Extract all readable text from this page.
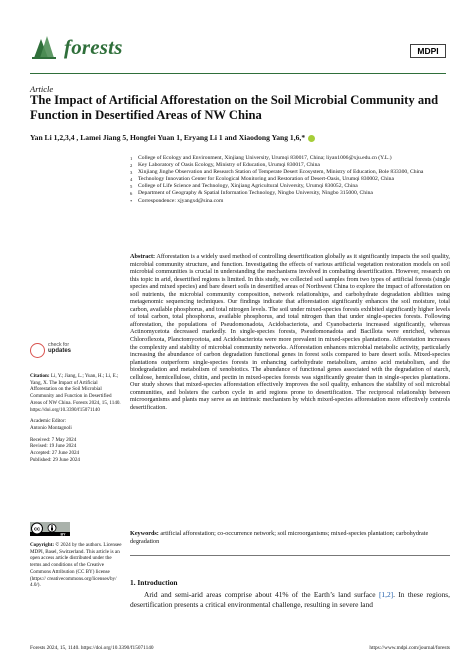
forests	MDPI
Article
The Impact of Artificial Afforestation on the Soil Microbial Community and Function in Desertified Areas of NW China
Yan Li 1,2,3,4 , Lamei Jiang 5, Hongfei Yuan 1, Eryang Li 1 and Xiaodong Yang 1,6,*
1	College of Ecology and Environment, Xinjiang University, Urumqi 830017, China; liyan1006@xju.edu.cn (Y.L.)
2	Key Laboratory of Oasis Ecology, Ministry of Education, Urumqi 830017, China
3	Xinjiang Jinghe Observation and Research Station of Temperate Desert Ecosystem, Ministry of Education, Bole 833300, China
4	Technology Innovation Center for Ecological Monitoring and Restoration of Desert-Oasis, Urumqi 830002, China
5	College of Life Science and Technology, Xinjiang Agricultural University, Urumqi 830052, China
6	Department of Geography & Spatial Information Technology, Ningbo University, Ningbo 315000, China
*	Correspondence: xjyangxd@sina.com
Abstract: Afforestation is a widely used method of controlling desertification globally as it significantly impacts the soil quality, microbial community structure, and function. Investigating the effects of various artificial vegetation restoration models on soil microbial communities is crucial in understanding the mechanisms involved in combating desertification. However, research on this topic in arid, desertified regions is limited. In this study, we collected soil samples from two types of artificial forests (single species and mixed species) and bare desert soils in desertified areas of Northwest China to explore the impact of afforestation on soil nutrients, the microbial community composition, network relationships, and carbohydrate degradation abilities using metagenomic sequencing techniques. Our findings indicate that afforestation significantly enhances the soil moisture, total carbon, available phosphorus, and total nitrogen levels. The soil under mixed-species forests exhibited significantly higher levels of total carbon, total phosphorus, available phosphorus, and total nitrogen than that under single-species forests. Following afforestation, the populations of Pseudomonadota, Acidobacteriota, and Cyanobacteria increased significantly, whereas Actinomycetota decreased markedly. In single-species forests, Pseudomonadota and Bacillota were enriched, whereas Chloroflexota, Planctomycetota, and Acidobacteriota were more prevalent in mixed-species plantations. Afforestation increases the complexity and stability of microbial community networks. Afforestation enhances microbial metabolic activity, particularly increasing the abundance of carbon degradation functional genes in forest soils compared to bare desert soils. Mixed-species plantations outperform single-species forests in enhancing carbohydrate metabolism, amino acid metabolism, and the biodegradation and metabolism of xenobiotics. The abundance of functional genes associated with the degradation of starch, cellulose, hemicellulose, chitin, and pectin in mixed-species forests was significantly greater than in single-species plantations. Our study shows that mixed-species afforestation effectively improves the soil quality, enhances the stability of soil microbial communities, and bolsters the carbon cycle in arid regions prone to desertification. The reciprocal relationship between microorganisms and plants may serve as an intrinsic mechanism by which mixed-species afforestation more effectively controls desertification.
Keywords: artificial afforestation; co-occurrence network; soil microorganisms; mixed-species plantation; carbohydrate degradation
check for
updates

Citation: Li, Y.; Jiang, L.; Yuan, H.; Li, E.; Yang, X. The Impact of Artificial Afforestation on the Soil Microbial Community and Function in Desertified Areas of NW China. Forests 2024, 15, 1140. https://doi.org/10.3390/f15071140

Academic Editor:
Antonio Montagnoli

Received: 7 May 2024
Revised: 19 June 2024
Accepted: 27 June 2024
Published: 29 June 2024

cc
BY
Copyright: © 2024 by the authors. Licensee MDPI, Basel, Switzerland. This article is an open access article distributed under the terms and conditions of the Creative Commons Attribution (CC BY) license (https:// creativecommons.org/licenses/by/ 4.0/).	1. Introduction
Arid and semi-arid areas comprise about 41% of the Earth’s land surface [1,2]. In these regions, desertification presents a critical environmental challenge, resulting in severe land
Forests 2024, 15, 1140. https://doi.org/10.3390/f15071140	https://www.mdpi.com/journal/forests
